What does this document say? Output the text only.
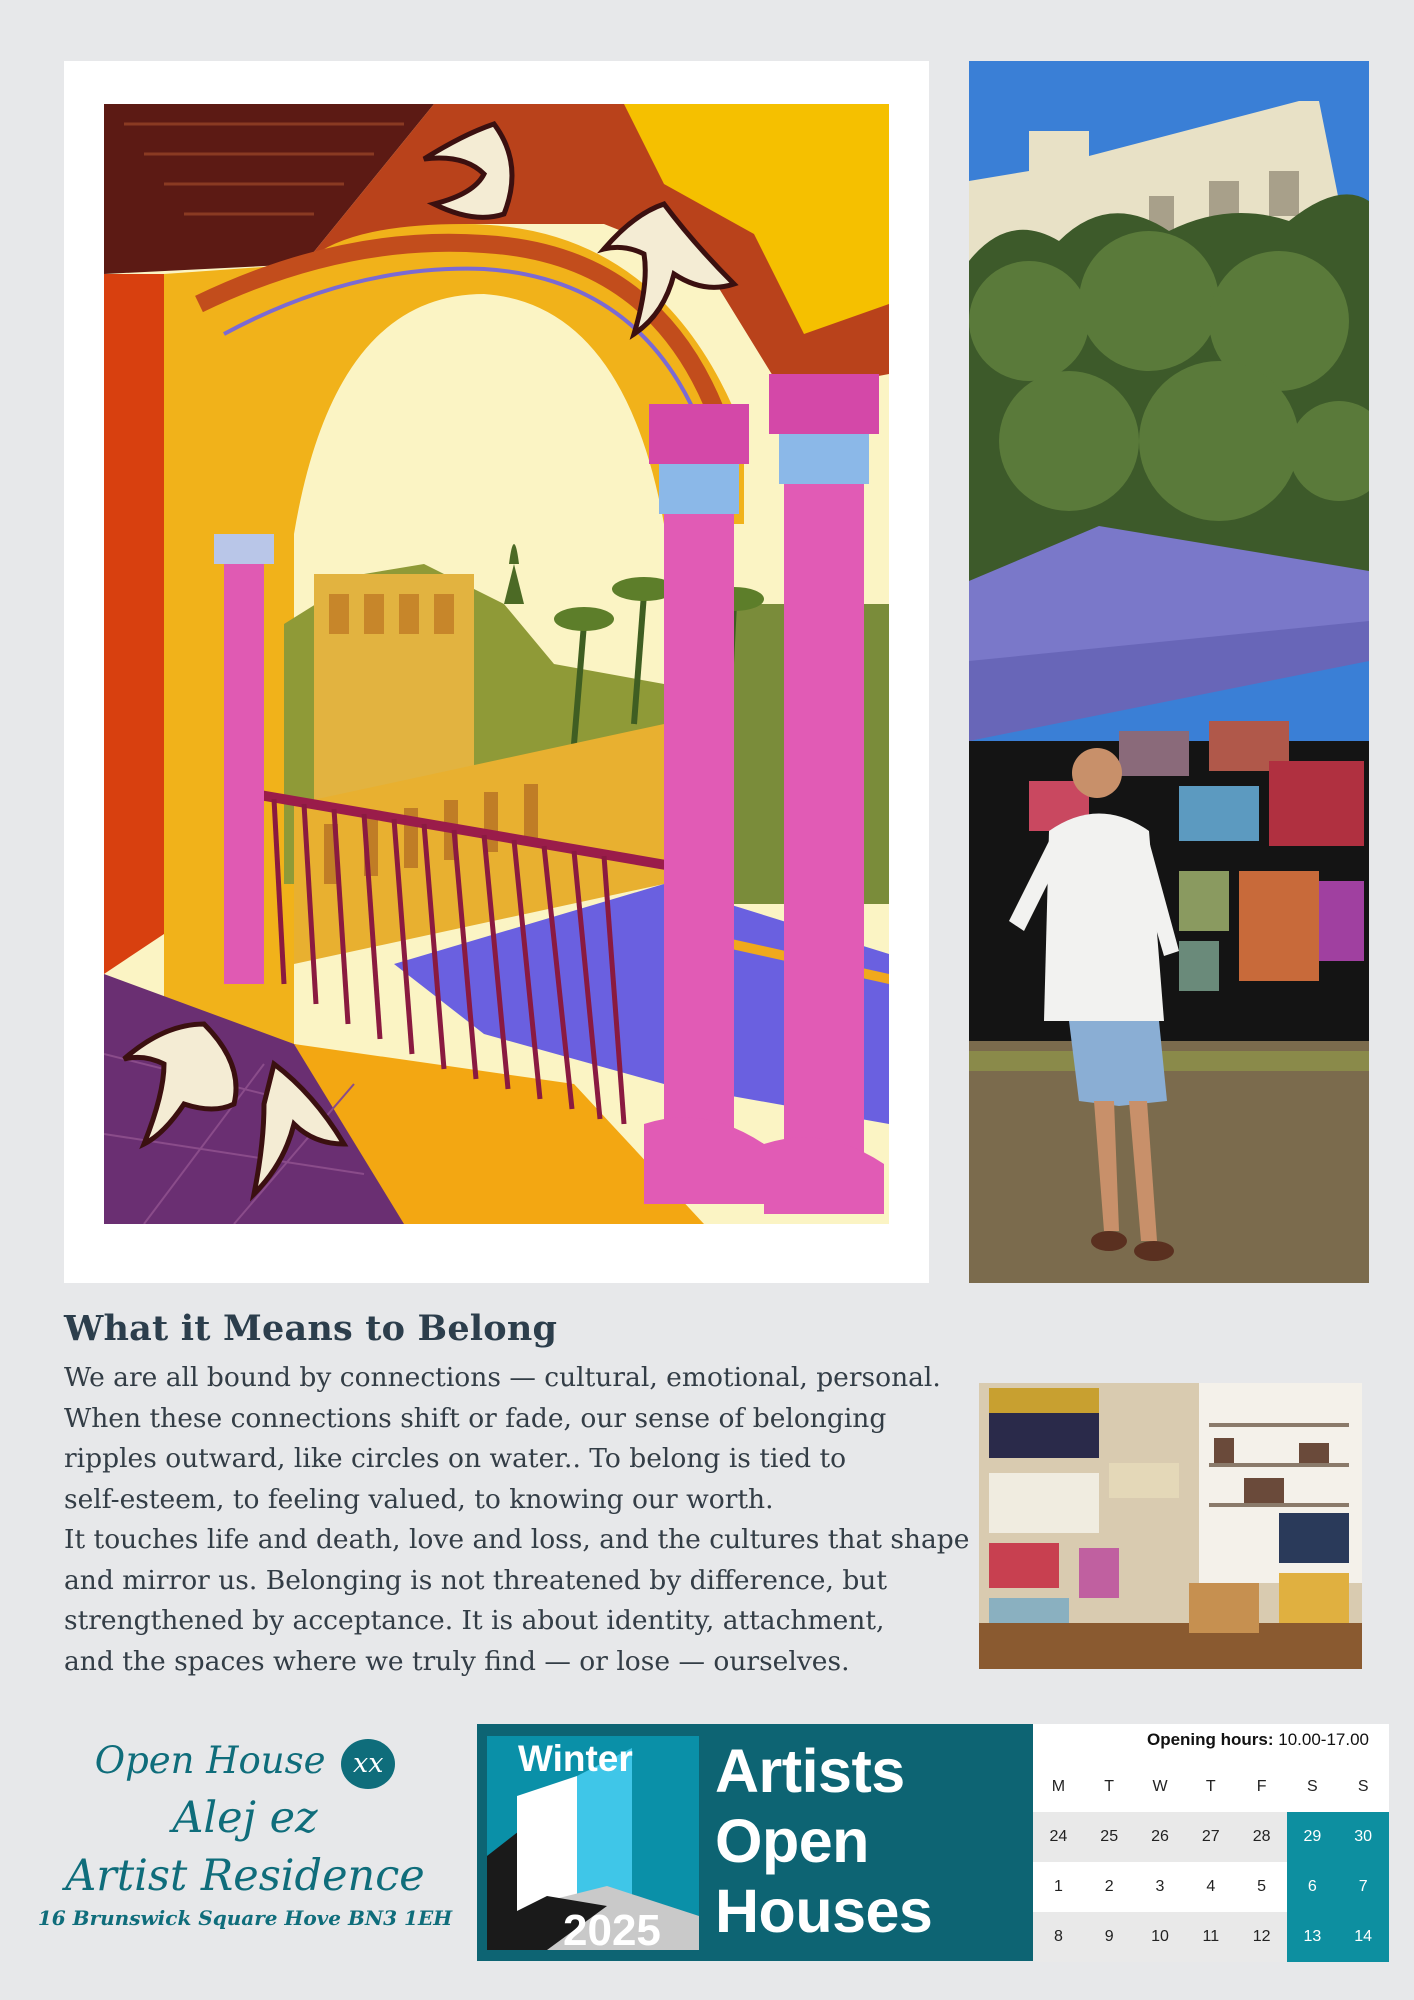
What it Means to Belong

We are all bound by connections — cultural, emotional, personal.

When these connections shift or fade, our sense of belonging

ripples outward, like circles on water.. To belong is tied to

self-esteem, to feeling valued, to knowing our worth.

It touches life and death, love and loss, and the cultures that shape

and mirror us. Belonging is not threatened by difference, but

strengthened by acceptance. It is about identity, attachment,

and the spaces where we truly find — or lose — ourselves.

Open House xx
Alej ez
Artist Residence
16 Brunswick Square Hove BN3 1EH
Winter
2025
Artists
Open
Houses
Opening hours: 10.00-17.00
M	T	W	T	F	S	S
24	25	26	27	28	29	30
1	2	3	4	5	6	7
8	9	10	11	12	13	14
